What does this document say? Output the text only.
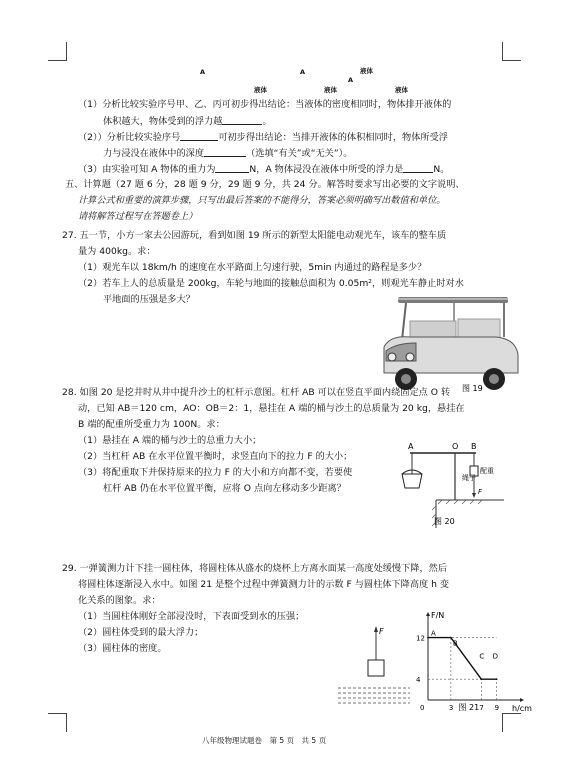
A	A
A
液体
液体	液体	液体
（1）分析比较实验序号甲、乙、丙可初步得出结论：当液体的密度相同时，物体排开液体的
体积越大，物体受到的浮力越	。
（2））分析比较实验序号	可初步得出结论：当排开液体的体积相同时，物体所受浮
力与浸没在液体中的深度	（选填“有关”或“无关”）。
（3）由实验可知 A 物体的重力为	N，A 物体浸没在液体中所受的浮力是	N。
五、计算题（27 题 6 分，28 题 9 分，29 题 9 分，共 24 分。解答时要求写出必要的文字说明、
计算公式和重要的演算步骤，只写出最后答案的不能得分，答案必须明确写出数值和单位。
请将解答过程写在答题卷上）
27. 五一节，小方一家去公园游玩，看到如图 19 所示的新型太阳能电动观光车，该车的整车质
量为 400kg。求：
（1）观光车以 18km/h 的速度在水平路面上匀速行驶，5min 内通过的路程是多少？
（2）若车上人的总质量是 200kg，车轮与地面的接触总面积为 0.05m²，则观光车静止时对水
平地面的压强是多大？
图 19
28. 如图 20 是挖井时从井中提升沙土的杠杆示意图。杠杆 AB 可以在竖直平面内绕固定点 O 转
动，已知 AB＝120 cm，AO：OB＝2：1，悬挂在 A 端的桶与沙土的总质量为 20 kg，悬挂在
B 端的配重所受重力为 100N。求：
（1）悬挂在 A 端的桶与沙土的总重力大小；
（2）当杠杆 AB 在水平位置平衡时，求竖直向下的拉力 F 的大小；
（3）将配重取下并保持原来的拉力 F 的大小和方向都不变，若要使
杠杆 AB 仍在水平位置平衡，应将 O 点向左移动多少距离？
A	O B
配重
绳子
F
图 20
29. 一弹簧测力计下挂一圆柱体，将圆柱体从盛水的烧杯上方离水面某一高度处缓慢下降，然后
将圆柱体逐渐浸入水中。如图 21 是整个过程中弹簧测力计的示数 F 与圆柱体下降高度 h 变
化关系的图象。求：
（1）当圆柱体刚好全部浸没时，下表面受到水的压强；
（2）圆柱体受到的最大浮力；
（3）圆柱体的密度。
F
F/N
h/cm
12
4
0	3	7 9
A
B
C D
图 21
八年级物理试题卷　第 5 页　共 5 页
